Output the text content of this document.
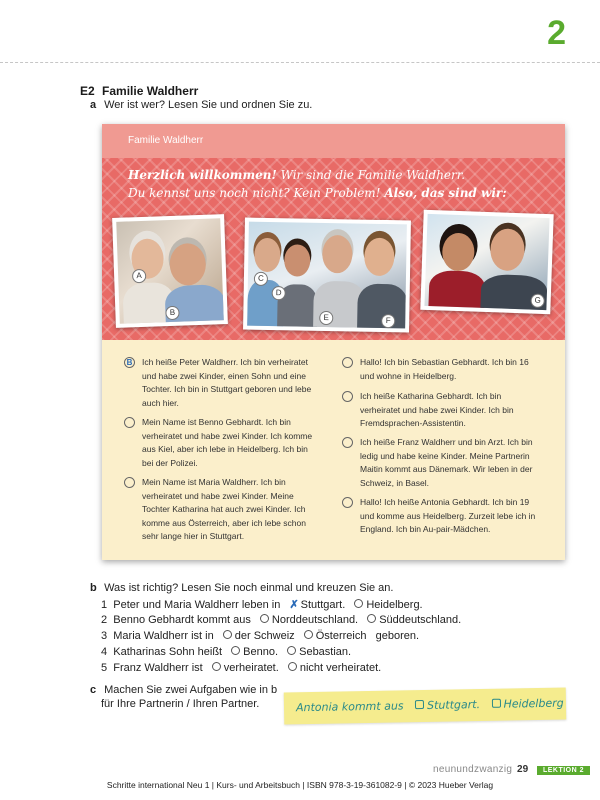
2
E2 Familie Waldherr
a Wer ist wer? Lesen Sie und ordnen Sie zu.
Familie Waldherr
Herzlich willkommen! Wir sind die Familie Waldherr.
Du kennst uns noch nicht? Kein Problem! Also, das sind wir:
A
B
C
D
E	F
G
B	Ich heiße Peter Waldherr. Ich bin verheiratet und habe zwei Kinder, einen Sohn und eine Tochter. Ich bin in Stuttgart geboren und lebe auch hier.
Mein Name ist Benno Gebhardt. Ich bin verheiratet und habe zwei Kinder. Ich komme aus Kiel, aber ich lebe in Heidelberg. Ich bin bei der Polizei.
Mein Name ist Maria Waldherr. Ich bin verheiratet und habe zwei Kinder. Meine Tochter Katharina hat auch zwei Kinder. Ich komme aus Österreich, aber ich lebe schon sehr lange hier in Stuttgart.
Hallo! Ich bin Sebastian Gebhardt. Ich bin 16 und wohne in Heidelberg.
Ich heiße Katharina Gebhardt. Ich bin verheiratet und habe zwei Kinder. Ich bin Fremdsprachen-Assistentin.
Ich heiße Franz Waldherr und bin Arzt. Ich bin ledig und habe keine Kinder. Meine Partnerin Maitin kommt aus Dänemark. Wir leben in der Schweiz, in Basel.
Hallo! Ich heiße Antonia Gebhardt. Ich bin 19 und komme aus Heidelberg. Zurzeit lebe ich in England. Ich bin Au-pair-Mädchen.
b Was ist richtig? Lesen Sie noch einmal und kreuzen Sie an.
1 Peter und Maria Waldherr leben in ✗ Stuttgart. Heidelberg.
2 Benno Gebhardt kommt aus Norddeutschland. Süddeutschland.
3 Maria Waldherr ist in der Schweiz Österreich geboren.
4 Katharinas Sohn heißt Benno. Sebastian.
5 Franz Waldherr ist verheiratet. nicht verheiratet.
c Machen Sie zwei Aufgaben wie in b
für Ihre Partnerin / Ihren Partner.	Antonia kommt aus Stuttgart. Heidelberg
neunundzwanzig 29 LEKTION 2
Schritte international Neu 1 | Kurs- und Arbeitsbuch | ISBN 978-3-19-361082-9 | © 2023 Hueber Verlag
